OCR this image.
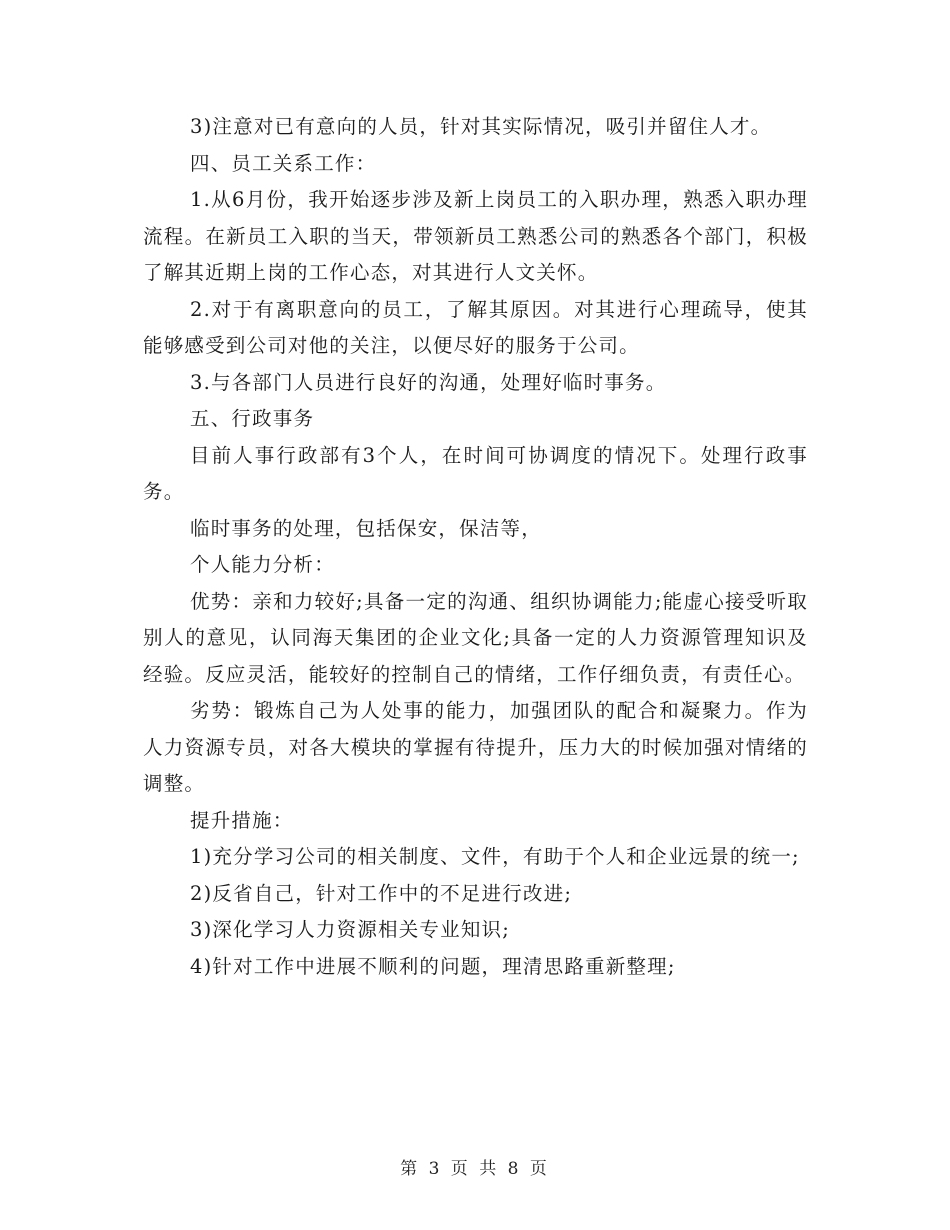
3)注意对已有意向的人员，针对其实际情况，吸引并留住人才。

四、员工关系工作：

1.从6月份，我开始逐步涉及新上岗员工的入职办理，熟悉入职办理流程。在新员工入职的当天，带领新员工熟悉公司的熟悉各个部门，积极了解其近期上岗的工作心态，对其进行人文关怀。

2.对于有离职意向的员工，了解其原因。对其进行心理疏导，使其能够感受到公司对他的关注，以便尽好的服务于公司。

3.与各部门人员进行良好的沟通，处理好临时事务。

五、行政事务

目前人事行政部有3个人，在时间可协调度的情况下。处理行政事务。

临时事务的处理，包括保安，保洁等，

个人能力分析：

优势：亲和力较好;具备一定的沟通、组织协调能力;能虚心接受听取别人的意见，认同海天集团的企业文化;具备一定的人力资源管理知识及经验。反应灵活，能较好的控制自己的情绪，工作仔细负责，有责任心。

劣势：锻炼自己为人处事的能力，加强团队的配合和凝聚力。作为人力资源专员，对各大模块的掌握有待提升，压力大的时候加强对情绪的调整。

提升措施：

1)充分学习公司的相关制度、文件，有助于个人和企业远景的统一;

2)反省自己，针对工作中的不足进行改进;

3)深化学习人力资源相关专业知识;

4)针对工作中进展不顺利的问题，理清思路重新整理;

第 3 页 共 8 页
